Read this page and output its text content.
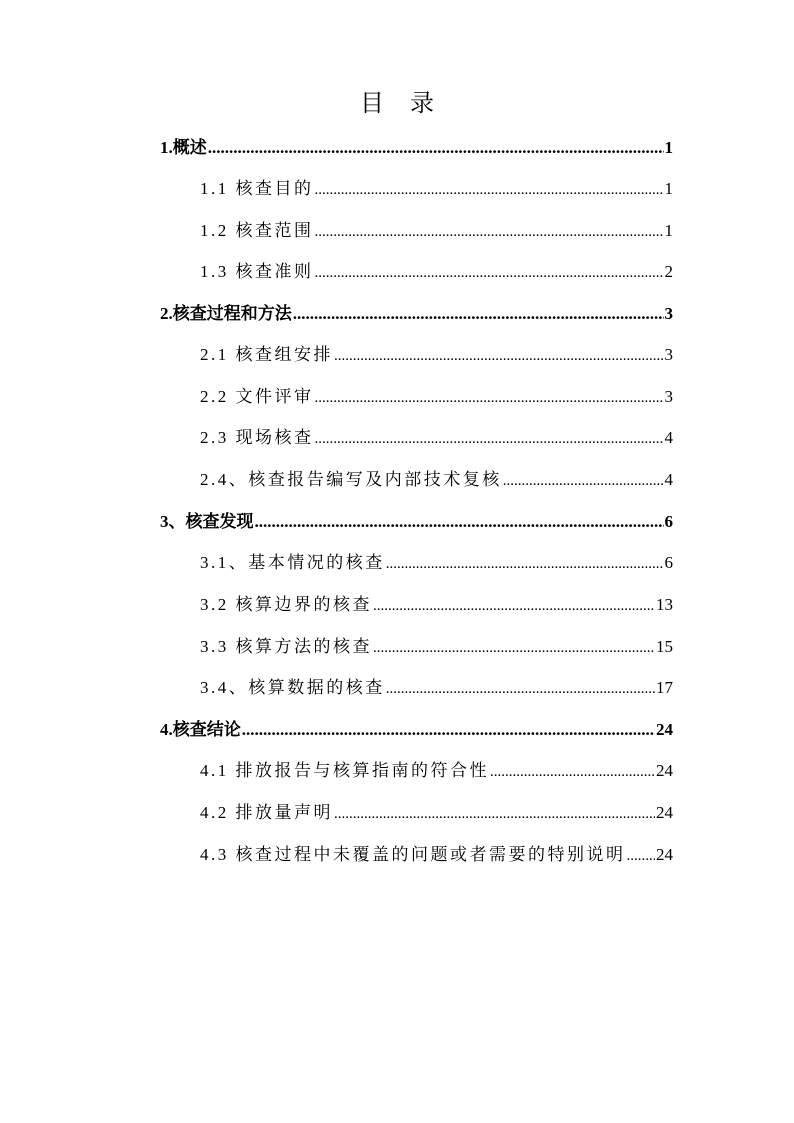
目录
1.概述 .....	1
1.1 核查目的 .....	1
1.2 核查范围 .....	1
1.3 核查准则 .....	2
2.核查过程和方法 .....	3
2.1 核查组安排 .....	3
2.2 文件评审 .....	3
2.3 现场核查 .....	4
2.4、核查报告编写及内部技术复核 .....	4
3、核查发现 .....	6
3.1、基本情况的核查 .....	6
3.2 核算边界的核查 .....	13
3.3 核算方法的核查 .....	15
3.4、核算数据的核查 .....	17
4.核查结论 .....	24
4.1 排放报告与核算指南的符合性 .....	24
4.2 排放量声明 .....	24
4.3 核查过程中未覆盖的问题或者需要的特别说明 ..... 24
